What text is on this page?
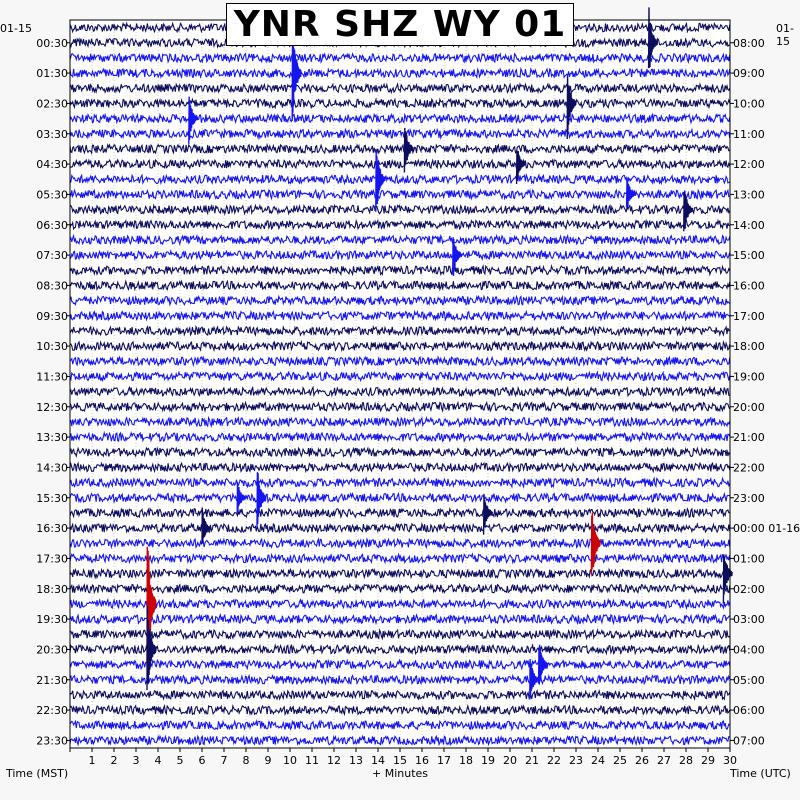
1 2 3 4 5 6 7 8 9 10 11 12 13 14 15 16 17 18 19 20 21 22 23 24 25 26 27 28 29 30
00:30
01:30
02:30
03:30
04:30
05:30
06:30
07:30
08:30
09:30
10:30
11:30
12:30
13:30
14:30
15:30
16:30
17:30
18:30
19:30
20:30
21:30
22:30
23:30
08:00
09:00
10:00
11:00
12:00
13:00
14:00
15:00
16:00
17:00
18:00
19:00
20:00
21:00
22:00
23:00
00:00 01-16
01:00
02:00
03:00
04:00
05:00
06:00
07:00
YNR SHZ WY 01
01-15	01-15
Time (MST)	+ Minutes	Time (UTC)
